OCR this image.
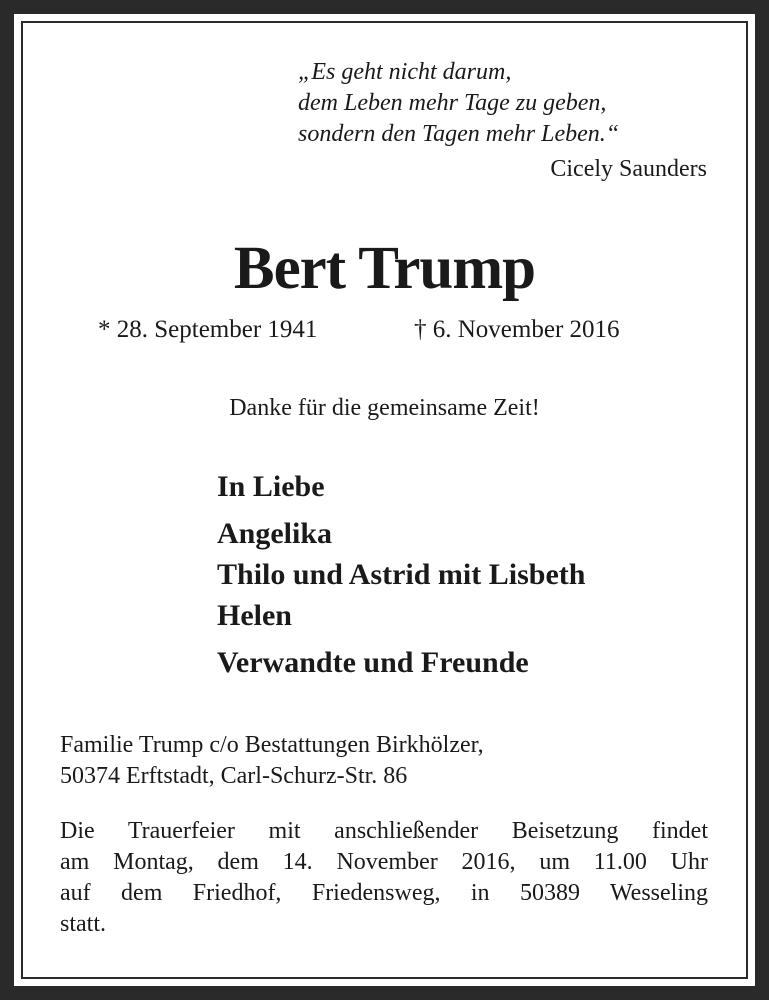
„Es geht nicht darum,
dem Leben mehr Tage zu geben,
sondern den Tagen mehr Leben.“
Cicely Saunders
Bert Trump
* 28. September 1941	† 6. November 2016
Danke für die gemeinsame Zeit!
In Liebe
Angelika
Thilo und Astrid mit Lisbeth
Helen
Verwandte und Freunde
Familie Trump c/o Bestattungen Birkhölzer,
50374 Erftstadt, Carl-Schurz-Str. 86
Die Trauerfeier mit anschließender Beisetzung findet
am Montag, dem 14. November 2016, um 11.00 Uhr
auf dem Friedhof, Friedensweg, in 50389 Wesseling
statt.
